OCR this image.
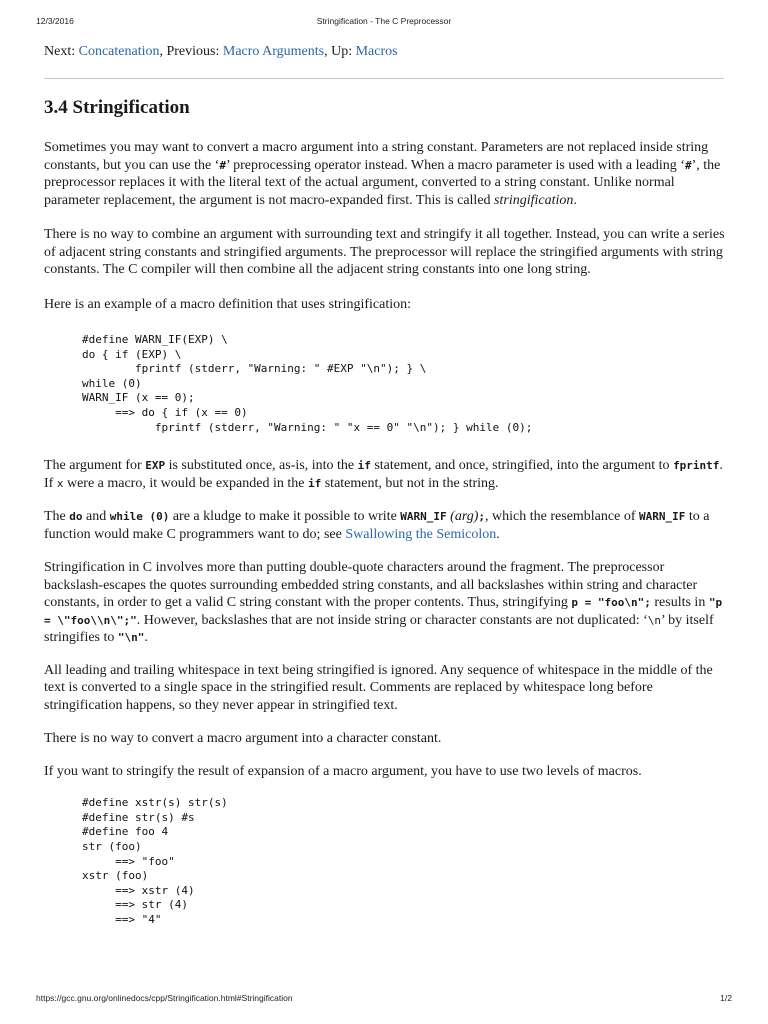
12/3/2016	Stringification - The C Preprocessor

Next: Concatenation, Previous: Macro Arguments, Up: Macros

3.4 Stringification

Sometimes you may want to convert a macro argument into a string constant. Parameters are not replaced inside string constants, but you can use the ‘#’ preprocessing operator instead. When a macro parameter is used with a leading ‘#’, the preprocessor replaces it with the literal text of the actual argument, converted to a string constant. Unlike normal parameter replacement, the argument is not macro-expanded first. This is called stringification.

There is no way to combine an argument with surrounding text and stringify it all together. Instead, you can write a series of adjacent string constants and stringified arguments. The preprocessor will replace the stringified arguments with string constants. The C compiler will then combine all the adjacent string constants into one long string.

Here is an example of a macro definition that uses stringification:

#define WARN_IF(EXP) \
do { if (EXP) \
fprintf (stderr, "Warning: " #EXP "\n"); } \
while (0)
WARN_IF (x == 0);
==> do { if (x == 0)
fprintf (stderr, "Warning: " "x == 0" "\n"); } while (0);

The argument for EXP is substituted once, as-is, into the if statement, and once, stringified, into the argument to fprintf. If x were a macro, it would be expanded in the if statement, but not in the string.

The do and while (0) are a kludge to make it possible to write WARN_IF (arg);, which the resemblance of WARN_IF to a function would make C programmers want to do; see Swallowing the Semicolon.

Stringification in C involves more than putting double-quote characters around the fragment. The preprocessor backslash-escapes the quotes surrounding embedded string constants, and all backslashes within string and character constants, in order to get a valid C string constant with the proper contents. Thus, stringifying p = "foo\n"; results in "p = \"foo\\n\";". However, backslashes that are not inside string or character constants are not duplicated: ‘\n’ by itself stringifies to "\n".

All leading and trailing whitespace in text being stringified is ignored. Any sequence of whitespace in the middle of the text is converted to a single space in the stringified result. Comments are replaced by whitespace long before stringification happens, so they never appear in stringified text.

There is no way to convert a macro argument into a character constant.

If you want to stringify the result of expansion of a macro argument, you have to use two levels of macros.

#define xstr(s) str(s)
#define str(s) #s
#define foo 4
str (foo)
==> "foo"
xstr (foo)
==> xstr (4)
==> str (4)
==> "4"
https://gcc.gnu.org/onlinedocs/cpp/Stringification.html#Stringification	1/2
